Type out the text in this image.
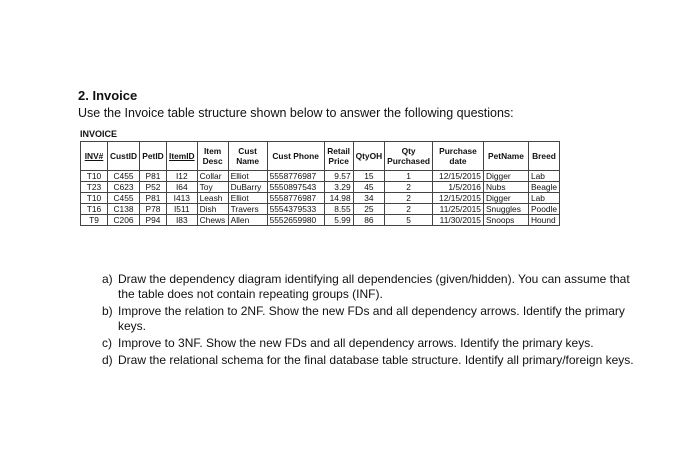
2. Invoice
Use the Invoice table structure shown below to answer the following questions:
INVOICE
INV#	CustID	PetID	ItemID	Item Desc	Cust Name	Cust Phone	Retail Price	QtyOH	Qty Purchased	Purchase date	PetName	Breed
T10	C455	P81	I12	Collar	Elliot	5558776987	9.57	15	1	12/15/2015	Digger	Lab
T23	C623	P52	I64	Toy	DuBarry	5550897543	3.29	45	2	1/5/2016	Nubs	Beagle
T10	C455	P81	I413	Leash	Elliot	5558776987	14.98	34	2	12/15/2015	Digger	Lab
T16	C138	P78	I511	Dish	Travers	5554379533	8.55	25	2	11/25/2015	Snuggles	Poodle
T9	C206	P94	I83	Chews	Allen	5552659980	5.99	86	5	11/30/2015	Snoops	Hound
a) Draw the dependency diagram identifying all dependencies (given/hidden). You can assume that the table does not contain repeating groups (INF).
b) Improve the relation to 2NF. Show the new FDs and all dependency arrows. Identify the primary keys.
c) Improve to 3NF. Show the new FDs and all dependency arrows. Identify the primary keys.
d) Draw the relational schema for the final database table structure. Identify all primary/foreign keys.
